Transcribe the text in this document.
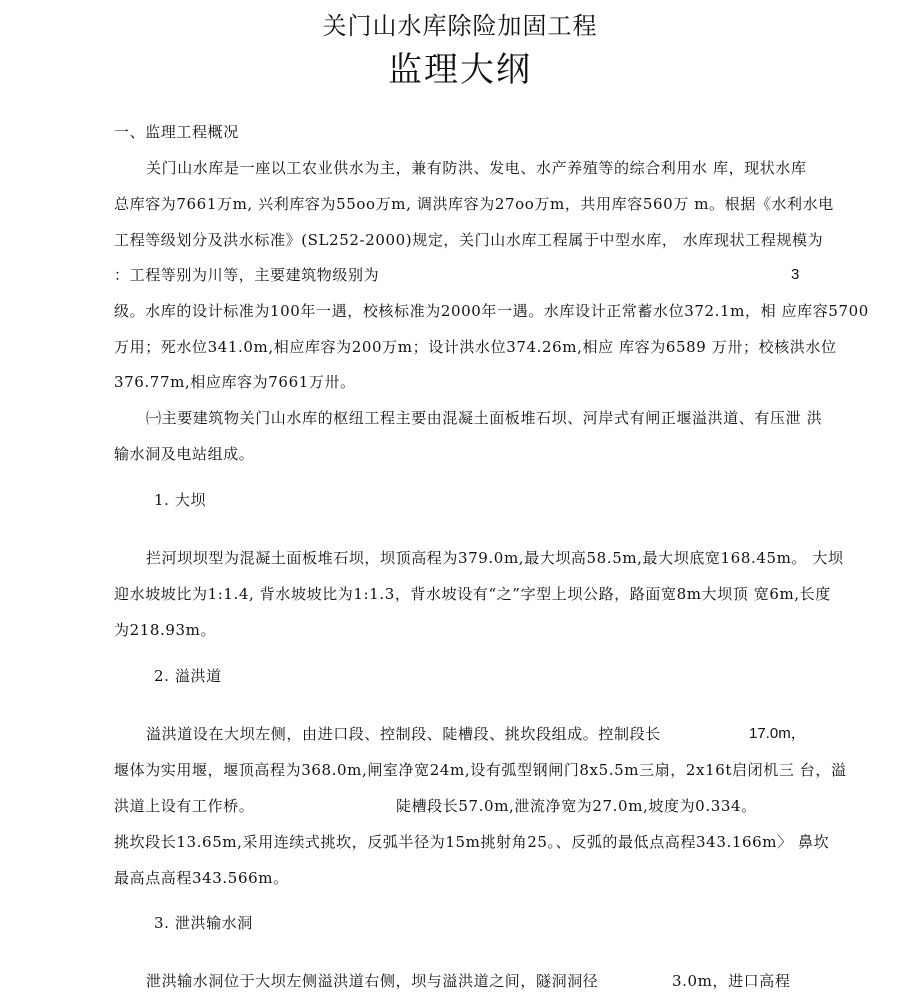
关门山水库除险加固工程
监理大纲
一、监理工程概况
关门山水库是一座以工农业供水为主，兼有防洪、发电、水产养殖等的综合利用水 库，现状水库
总库容为7661万m, 兴利库容为55oo万m, 调洪库容为27oo万m，共用库容560万 m。根据《水利水电
工程等级划分及洪水标准》(SL252-2000)规定，关门山水库工程属于中型水库， 水库现状工程规模为
：工程等别为川等，主要建筑物级别为	3
级。水库的设计标准为100年一遇，校核标准为2000年一遇。水库设计正常蓄水位372.1m，相 应库容5700
万用；死水位341.0m,相应库容为200万m；设计洪水位374.26m,相应 库容为6589 万卅；校核洪水位
376.77m,相应库容为7661万卅。
㈠主要建筑物关门山水库的枢纽工程主要由混凝土面板堆石坝、河岸式有闸正堰溢洪道、有压泄 洪
输水洞及电站组成。
1. 大坝
拦河坝坝型为混凝土面板堆石坝，坝顶高程为379.0m,最大坝高58.5m,最大坝底宽168.45m。 大坝
迎水坡坡比为1:1.4, 背水坡坡比为1:1.3，背水坡设有“之”字型上坝公路，路面宽8m大坝顶 宽6m,长度
为218.93m。
2. 溢洪道
溢洪道设在大坝左侧，由进口段、控制段、陡槽段、挑坎段组成。控制段长	17.0m，
堰体为实用堰，堰顶高程为368.0m,闸室净宽24m,设有弧型钢闸门8x5.5m三扇，2x16t启闭机三 台，溢
洪道上设有工作桥。	陡槽段长57.0m,泄流净宽为27.0m,坡度为0.334。
挑坎段长13.65m,采用连续式挑坎，反弧半径为15m挑射角25。、反弧的最低点高程343.166m〉 鼻坎
最高点高程343.566m。
3. 泄洪输水洞
泄洪输水洞位于大坝左侧溢洪道右侧，坝与溢洪道之间，隧洞洞径	3.0m，进口高程
